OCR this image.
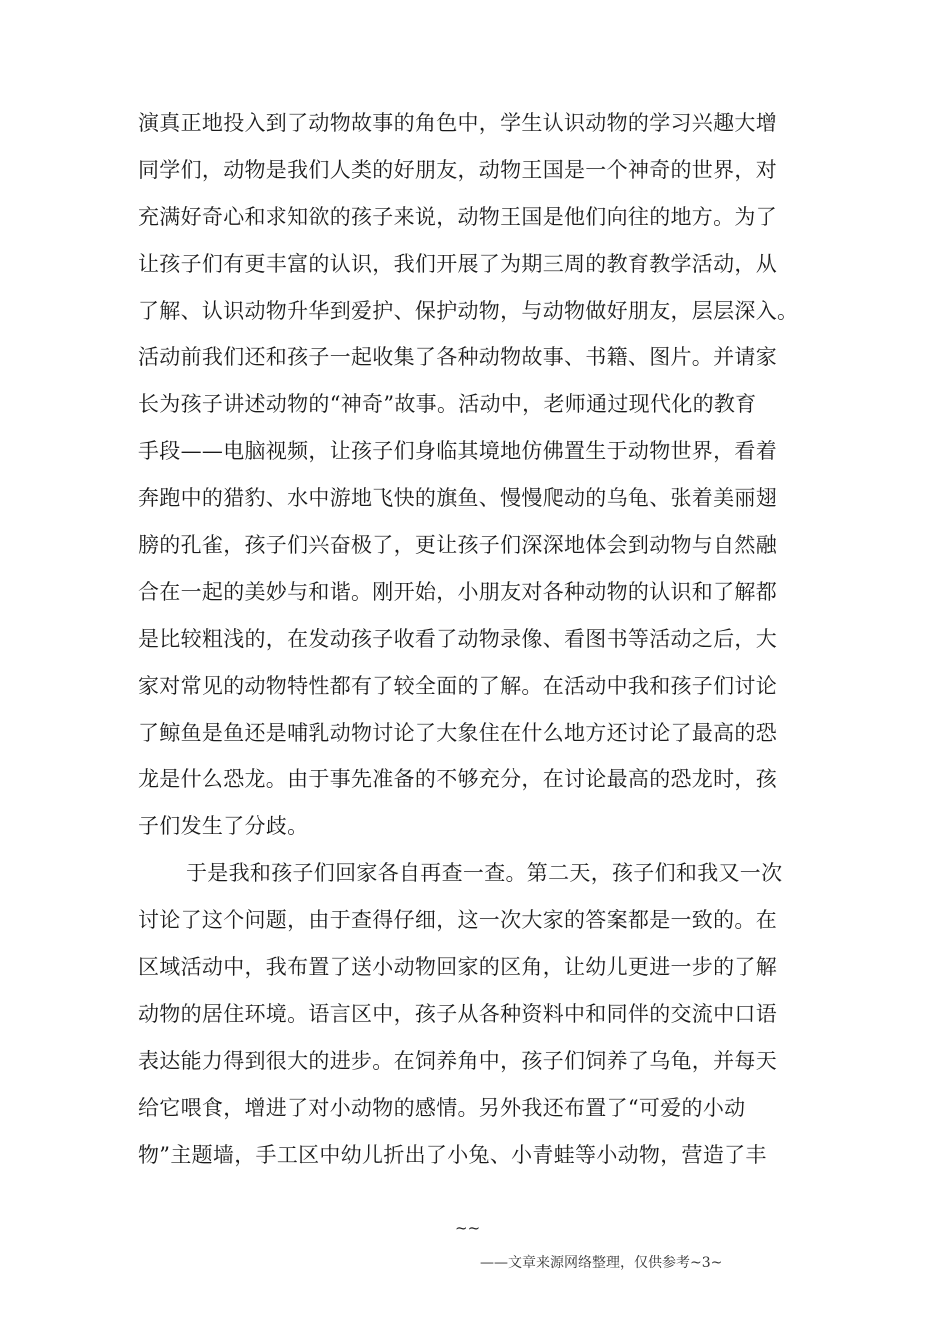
演真正地投入到了动物故事的角色中，学生认识动物的学习兴趣大增
同学们，动物是我们人类的好朋友，动物王国是一个神奇的世界，对
充满好奇心和求知欲的孩子来说，动物王国是他们向往的地方。为了
让孩子们有更丰富的认识，我们开展了为期三周的教育教学活动，从
了解、认识动物升华到爱护、保护动物，与动物做好朋友，层层深入。
活动前我们还和孩子一起收集了各种动物故事、书籍、图片。并请家
长为孩子讲述动物的“神奇”故事。活动中，老师通过现代化的教育
手段——电脑视频，让孩子们身临其境地仿佛置生于动物世界，看着
奔跑中的猎豹、水中游地飞快的旗鱼、慢慢爬动的乌龟、张着美丽翅
膀的孔雀，孩子们兴奋极了，更让孩子们深深地体会到动物与自然融
合在一起的美妙与和谐。刚开始，小朋友对各种动物的认识和了解都
是比较粗浅的，在发动孩子收看了动物录像、看图书等活动之后，大
家对常见的动物特性都有了较全面的了解。在活动中我和孩子们讨论
了鲸鱼是鱼还是哺乳动物讨论了大象住在什么地方还讨论了最高的恐
龙是什么恐龙。由于事先准备的不够充分，在讨论最高的恐龙时，孩
子们发生了分歧。
于是我和孩子们回家各自再查一查。第二天，孩子们和我又一次
讨论了这个问题，由于查得仔细，这一次大家的答案都是一致的。在
区域活动中，我布置了送小动物回家的区角，让幼儿更进一步的了解
动物的居住环境。语言区中，孩子从各种资料中和同伴的交流中口语
表达能力得到很大的进步。在饲养角中，孩子们饲养了乌龟，并每天
给它喂食，增进了对小动物的感情。另外我还布置了“可爱的小动
物”主题墙，手工区中幼儿折出了小兔、小青蛙等小动物，营造了丰
~~
——文章来源网络整理，仅供参考~3~
